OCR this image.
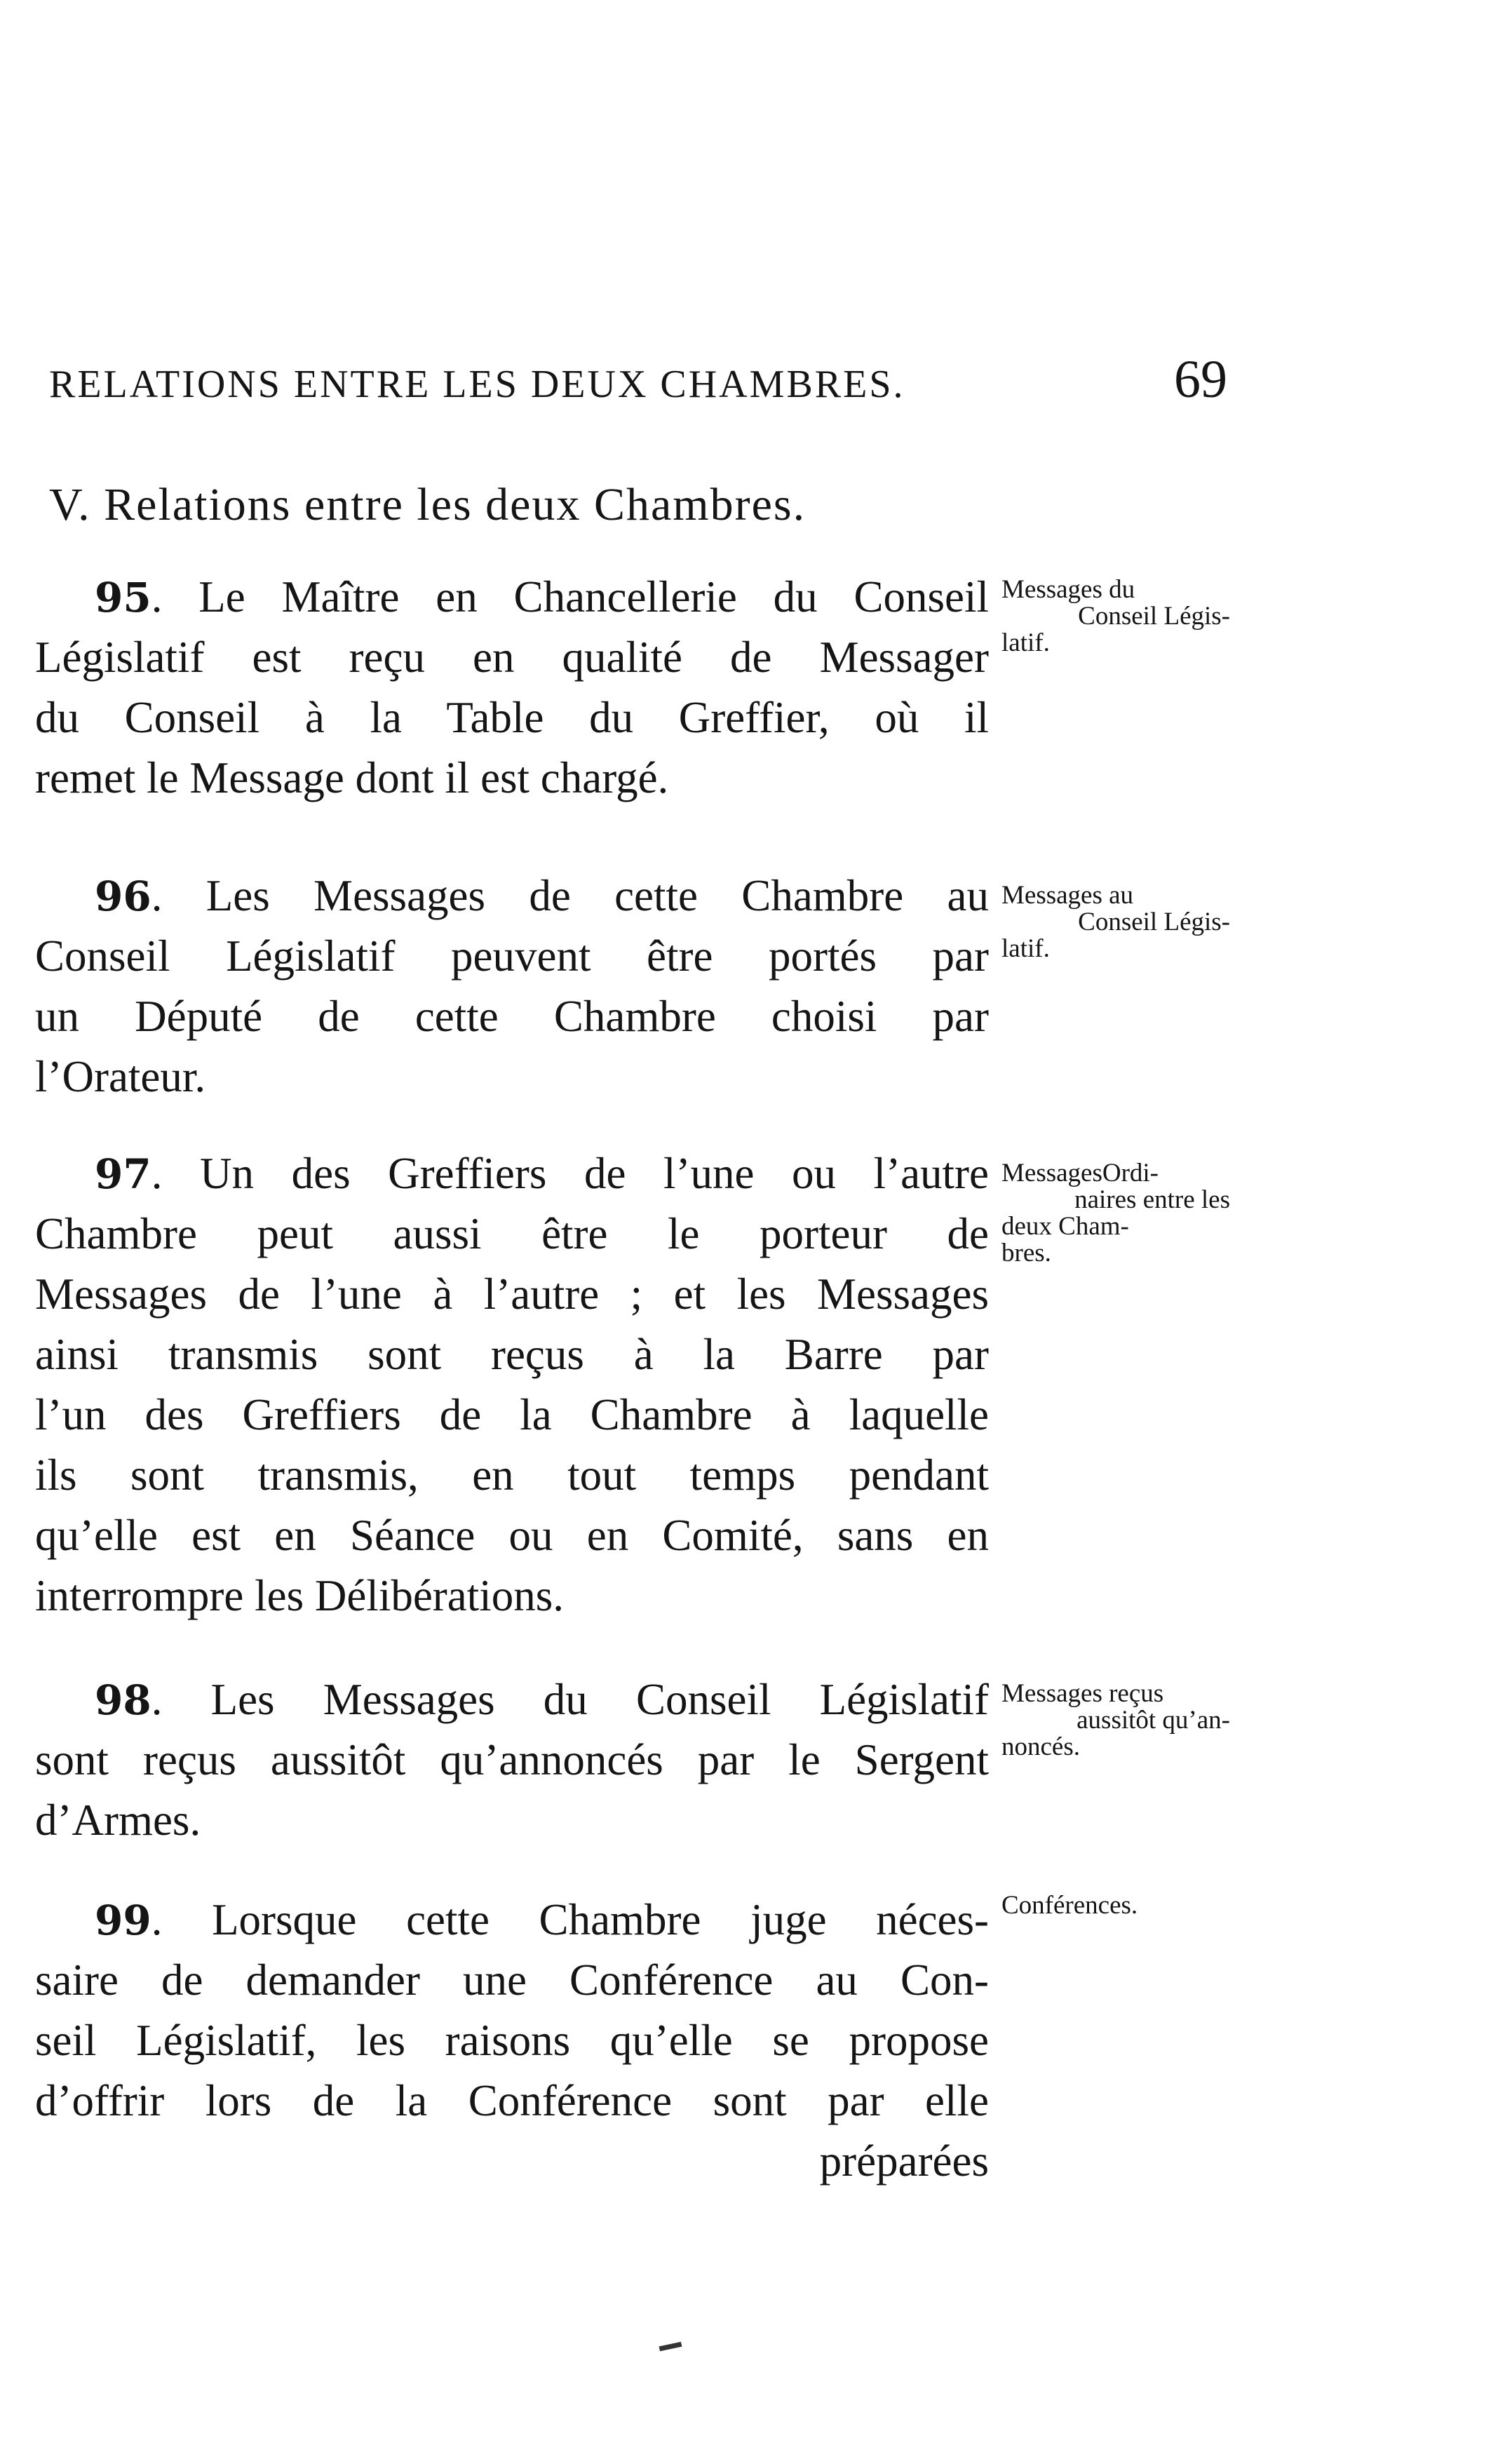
RELATIONS ENTRE LES DEUX CHAMBRES.	69
V. Relations entre les deux Chambres.
95. Le Maître en Chancellerie du Conseil
Législatif est reçu en qualité de Messager
du Conseil à la Table du Greffier, où il
remet le Message dont il est chargé.
Messages du
Conseil Légis-
latif.
96. Les Messages de cette Chambre au
Conseil Législatif peuvent être portés par
un Député de cette Chambre choisi par
l’Orateur.
Messages au
Conseil Légis-
latif.
97. Un des Greffiers de l’une ou l’autre
Chambre peut aussi être le porteur de
Messages de l’une à l’autre ; et les Messages
ainsi transmis sont reçus à la Barre par
l’un des Greffiers de la Chambre à laquelle
ils sont transmis, en tout temps pendant
qu’elle est en Séance ou en Comité, sans en
interrompre les Délibérations.
MessagesOrdi-
naires entre les
deux Cham-
bres.
98. Les Messages du Conseil Législatif
sont reçus aussitôt qu’annoncés par le Sergent
d’Armes.
Messages reçus
aussitôt qu’an-
noncés.
99. Lorsque cette Chambre juge néces-
saire de demander une Conférence au Con-
seil Législatif, les raisons qu’elle se propose
d’offrir lors de la Conférence sont par elle
préparées
Conférences.
